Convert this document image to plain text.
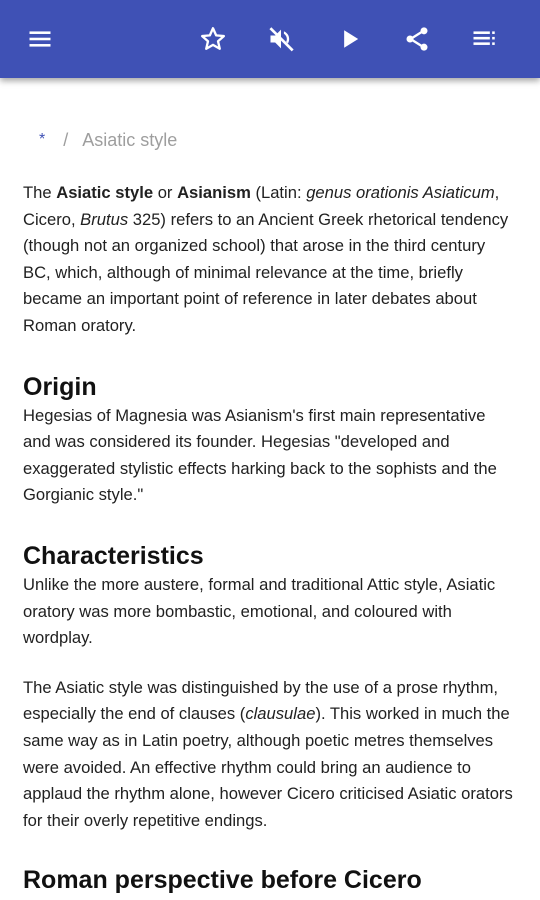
* / Asiatic style

The Asiatic style or Asianism (Latin: genus orationis Asiaticum, Cicero, Brutus 325) refers to an Ancient Greek rhetorical tendency (though not an organized school) that arose in the third century BC, which, although of minimal relevance at the time, briefly became an important point of reference in later debates about Roman oratory.

Origin

Hegesias of Magnesia was Asianism's first main representative and was considered its founder. Hegesias "developed and exaggerated stylistic effects harking back to the sophists and the Gorgianic style."

Characteristics

Unlike the more austere, formal and traditional Attic style, Asiatic oratory was more bombastic, emotional, and coloured with wordplay.

The Asiatic style was distinguished by the use of a prose rhythm, especially the end of clauses (clausulae). This worked in much the same way as in Latin poetry, although poetic metres themselves were avoided. An effective rhythm could bring an audience to applaud the rhythm alone, however Cicero criticised Asiatic orators for their overly repetitive endings.

Roman perspective before Cicero
